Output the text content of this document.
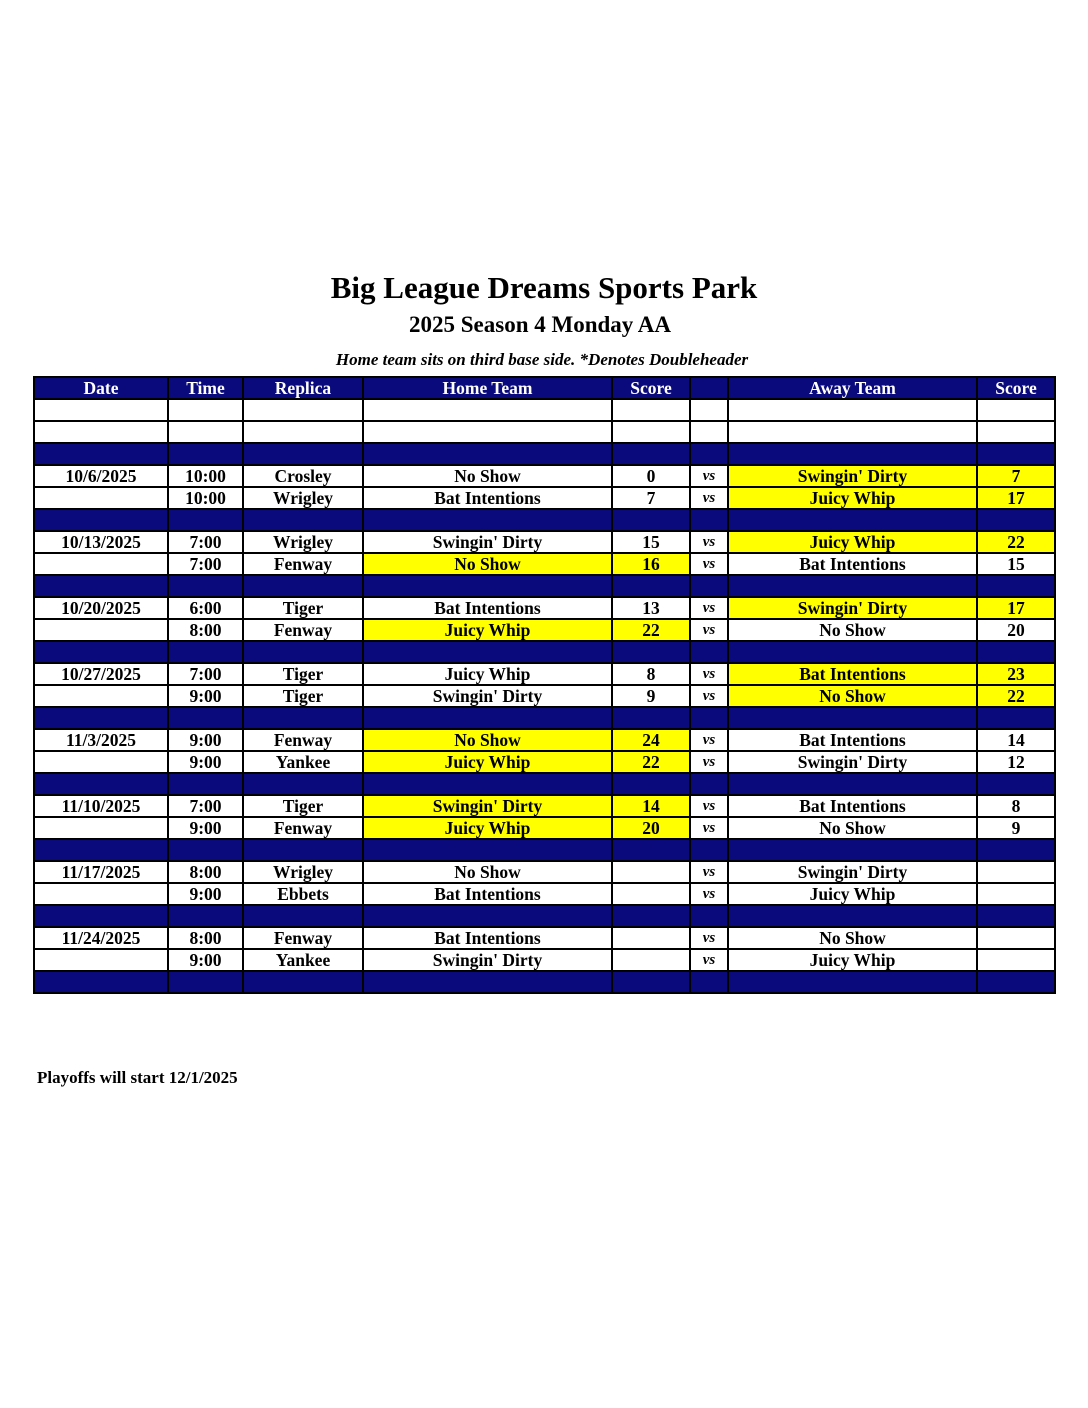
Big League Dreams Sports Park
2025 Season 4 Monday AA
Home team sits on third base side. *Denotes Doubleheader
Date	Time	Replica	Home Team	Score		Away Team	Score

10/6/2025	10:00	Crosley	No Show	0	vs	Swingin' Dirty	7
	10:00	Wrigley	Bat Intentions	7	vs	Juicy Whip	17

10/13/2025	7:00	Wrigley	Swingin' Dirty	15	vs	Juicy Whip	22
	7:00	Fenway	No Show	16	vs	Bat Intentions	15

10/20/2025	6:00	Tiger	Bat Intentions	13	vs	Swingin' Dirty	17
	8:00	Fenway	Juicy Whip	22	vs	No Show	20

10/27/2025	7:00	Tiger	Juicy Whip	8	vs	Bat Intentions	23
	9:00	Tiger	Swingin' Dirty	9	vs	No Show	22

11/3/2025	9:00	Fenway	No Show	24	vs	Bat Intentions	14
	9:00	Yankee	Juicy Whip	22	vs	Swingin' Dirty	12

11/10/2025	7:00	Tiger	Swingin' Dirty	14	vs	Bat Intentions	8
	9:00	Fenway	Juicy Whip	20	vs	No Show	9

11/17/2025	8:00	Wrigley	No Show		vs	Swingin' Dirty	
	9:00	Ebbets	Bat Intentions		vs	Juicy Whip	

11/24/2025	8:00	Fenway	Bat Intentions		vs	No Show	
	9:00	Yankee	Swingin' Dirty		vs	Juicy Whip	

Playoffs will start 12/1/2025
